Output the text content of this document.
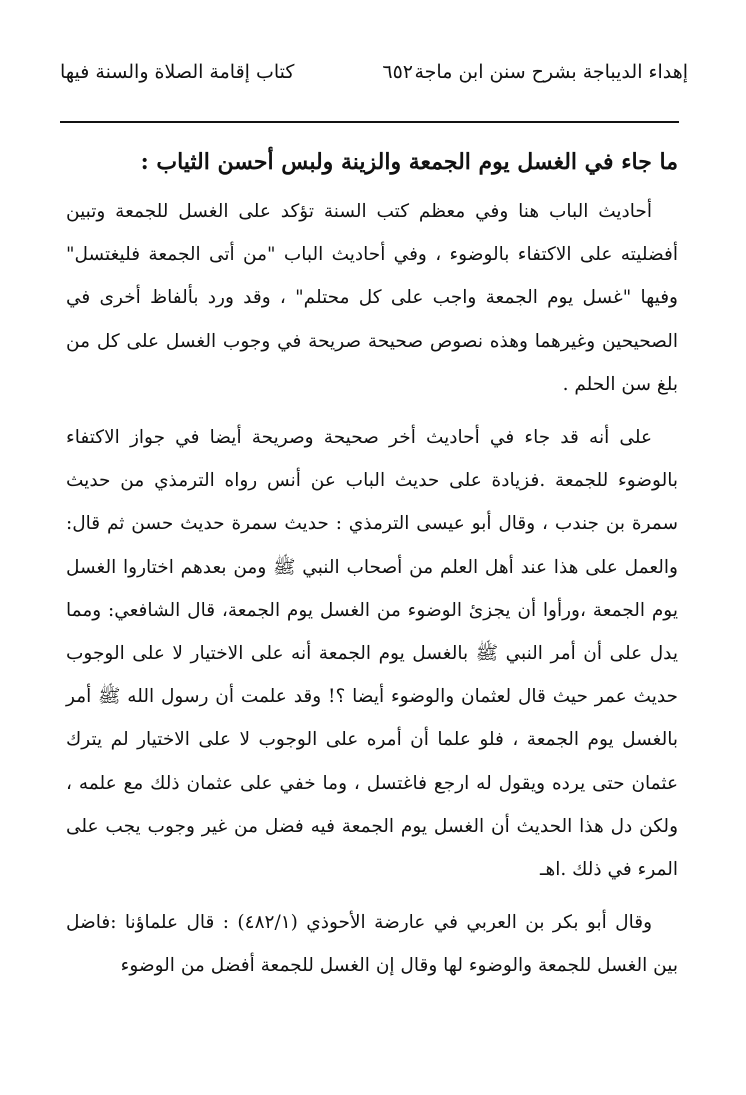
إهداء الديباجة بشرح سنن ابن ماجة
٦٥٢
كتاب إقامة الصلاة والسنة فيها
ما جاء في الغسل يوم الجمعة والزينة ولبس أحسن الثياب :

أحاديث الباب هنا وفي معظم كتب السنة تؤكد على الغسل للجمعة وتبين أفضليته على الاكتفاء بالوضوء ، وفي أحاديث الباب "من أتى الجمعة فليغتسل" وفيها "غسل يوم الجمعة واجب على كل محتلم" ، وقد ورد بألفاظ أخرى في الصحيحين وغيرهما وهذه نصوص صحيحة صريحة في وجوب الغسل على كل من بلغ سن الحلم .

على أنه قد جاء في أحاديث أخر صحيحة وصريحة أيضا في جواز الاكتفاء بالوضوء للجمعة .فزيادة على حديث الباب عن أنس رواه الترمذي من حديث سمرة بن جندب ، وقال أبو عيسى الترمذي : حديث سمرة حديث حسن ثم قال: والعمل على هذا عند أهل العلم من أصحاب النبي ﷺ ومن بعدهم اختاروا الغسل يوم الجمعة ،ورأوا أن يجزئ الوضوء من الغسل يوم الجمعة، قال الشافعي: ومما يدل على أن أمر النبي ﷺ بالغسل يوم الجمعة أنه على الاختيار لا على الوجوب حديث عمر حيث قال لعثمان والوضوء أيضا ؟! وقد علمت أن رسول الله ﷺ أمر بالغسل يوم الجمعة ، فلو علما أن أمره على الوجوب لا على الاختيار لم يترك عثمان حتى يرده ويقول له ارجع فاغتسل ، وما خفي على عثمان ذلك مع علمه ، ولكن دل هذا الحديث أن الغسل يوم الجمعة فيه فضل من غير وجوب يجب على المرء في ذلك .اهـ

وقال أبو بكر بن العربي في عارضة الأحوذي (٤٨٢/١) : قال علماؤنا :فاضل بين الغسل للجمعة والوضوء لها وقال إن الغسل للجمعة أفضل من الوضوء
